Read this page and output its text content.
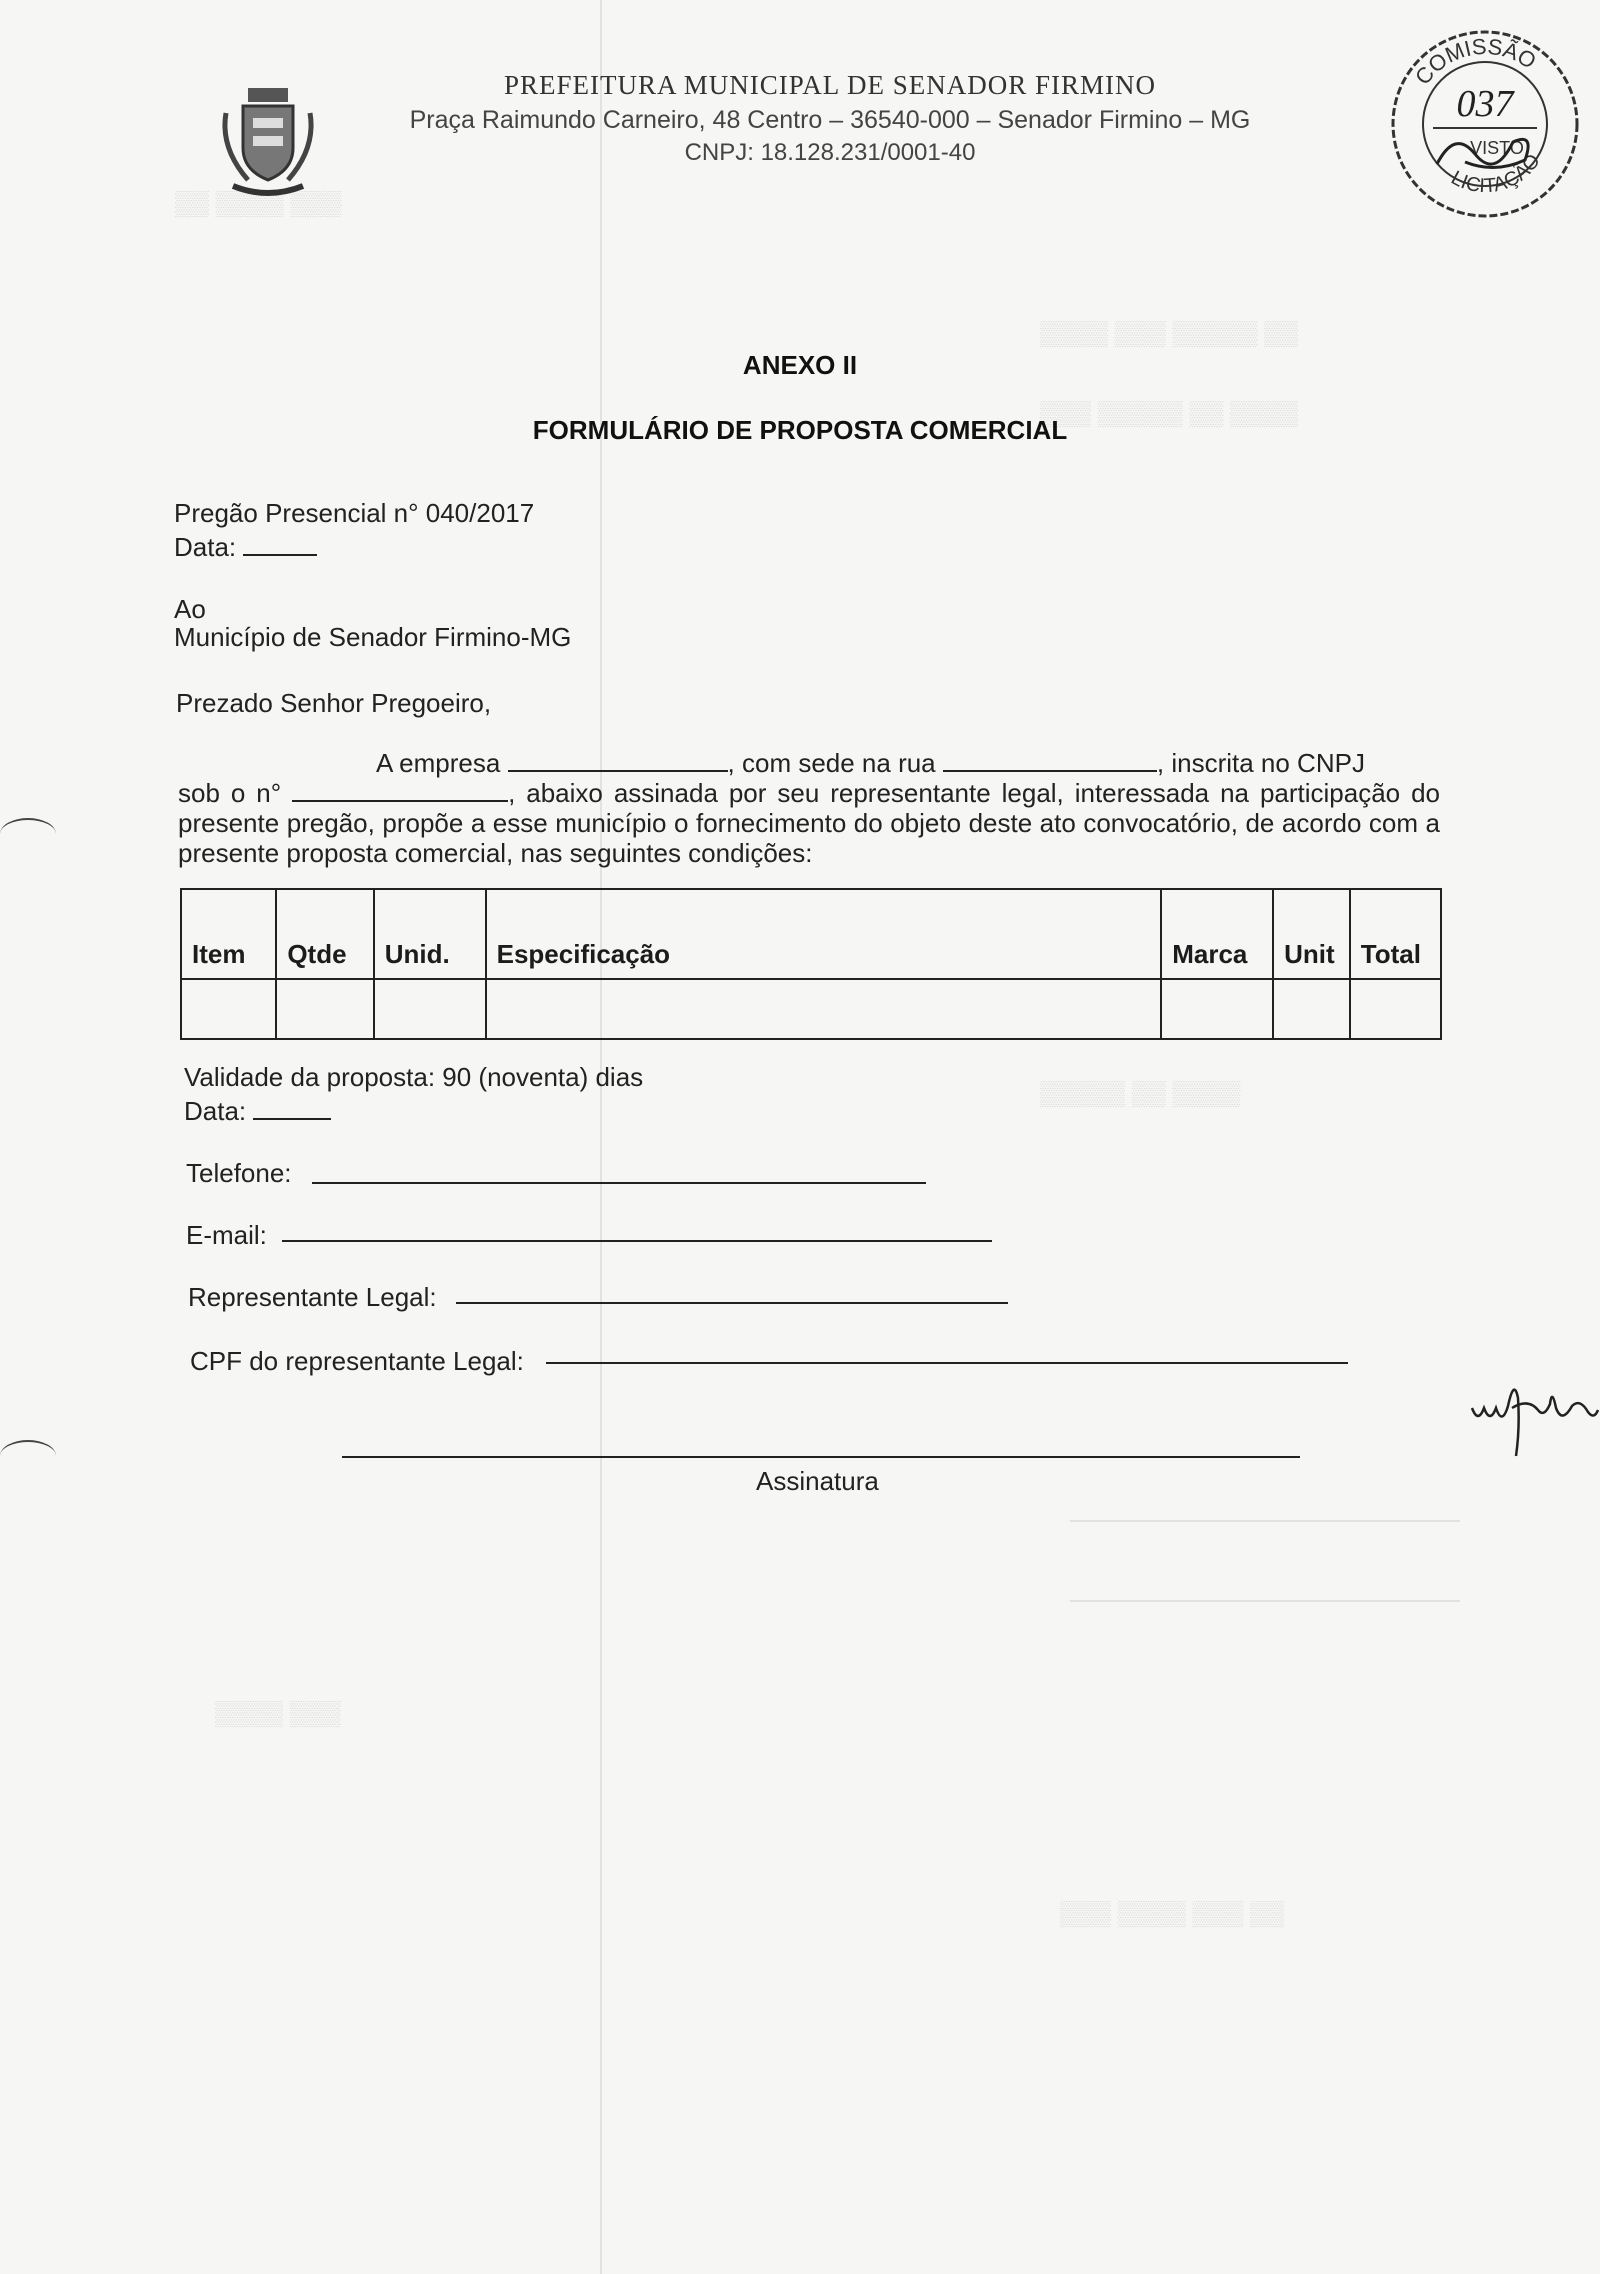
▒▒ ▒▒▒▒ ▒▒▒
▒▒▒▒ ▒▒▒ ▒▒▒▒▒ ▒▒
▒▒▒ ▒▒▒▒▒ ▒▒ ▒▒▒▒
▒▒▒▒▒ ▒▒ ▒▒▒▒
▒▒▒ ▒▒▒▒ ▒▒▒ ▒▒
▒▒▒▒ ▒▒▒
PREFEITURA MUNICIPAL DE SENADOR FIRMINO
Praça Raimundo Carneiro, 48 Centro – 36540-000 – Senador Firmino – MG
CNPJ: 18.128.231/0001-40
COMISSÃO
LICITAÇÃO
037
VISTO
ANEXO II
FORMULÁRIO DE PROPOSTA COMERCIAL
Pregão Presencial n° 040/2017
Data:
Ao
Município de Senador Firmino-MG
Prezado Senhor Pregoeiro,
A empresa	, com sede na rua	, inscrita no CNPJ
sob o n°	, abaixo assinada por seu representante legal, interessada na participação do presente pregão, propõe a esse município o fornecimento do objeto deste ato convocatório, de acordo com a presente proposta comercial, nas seguintes condições:
Item	Qtde	Unid.	Especificação	Marca	Unit	Total

Validade da proposta: 90 (noventa) dias
Data:
Telefone:
E-mail:
Representante Legal:
CPF do representante Legal:
Assinatura
